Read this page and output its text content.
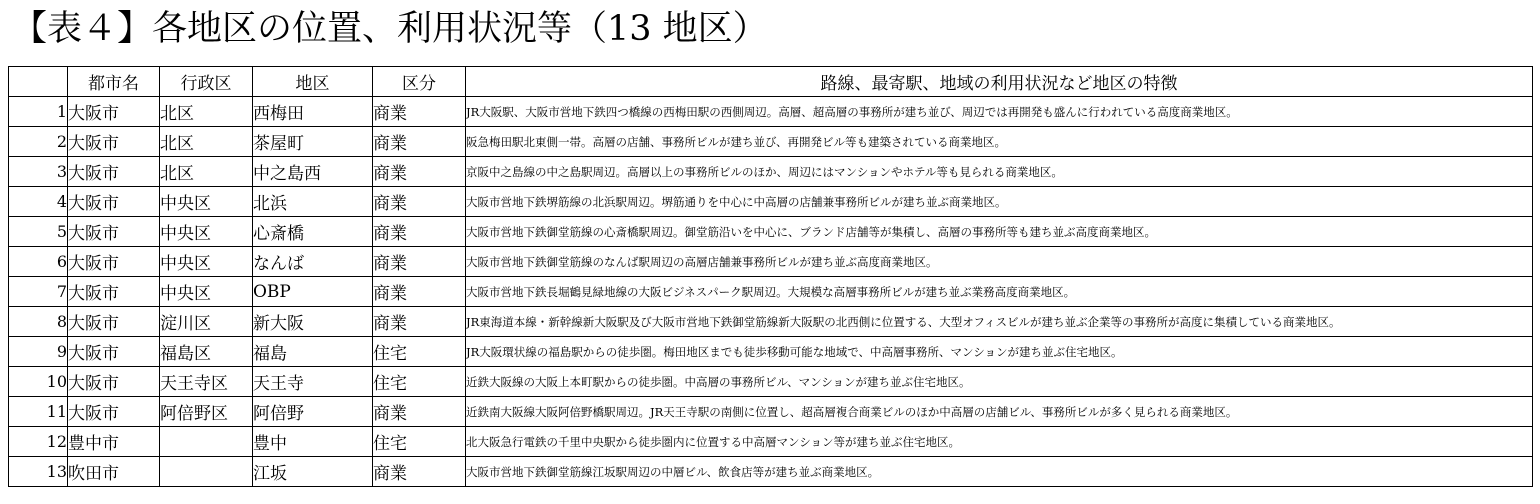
【表４】各地区の位置、利用状況等（13 地区）
	都市名	行政区	地区	区分	路線、最寄駅、地域の利用状況など地区の特徴
1	大阪市	北区	西梅田	商業	JR大阪駅、大阪市営地下鉄四つ橋線の西梅田駅の西側周辺。高層、超高層の事務所が建ち並び、周辺では再開発も盛んに行われている高度商業地区。
2	大阪市	北区	茶屋町	商業	阪急梅田駅北東側一帯。高層の店舗、事務所ビルが建ち並び、再開発ビル等も建築されている商業地区。
3	大阪市	北区	中之島西	商業	京阪中之島線の中之島駅周辺。高層以上の事務所ビルのほか、周辺にはマンションやホテル等も見られる商業地区。
4	大阪市	中央区	北浜	商業	大阪市営地下鉄堺筋線の北浜駅周辺。堺筋通りを中心に中高層の店舗兼事務所ビルが建ち並ぶ商業地区。
5	大阪市	中央区	心斎橋	商業	大阪市営地下鉄御堂筋線の心斎橋駅周辺。御堂筋沿いを中心に、ブランド店舗等が集積し、高層の事務所等も建ち並ぶ高度商業地区。
6	大阪市	中央区	なんば	商業	大阪市営地下鉄御堂筋線のなんば駅周辺の高層店舗兼事務所ビルが建ち並ぶ高度商業地区。
7	大阪市	中央区	OBP	商業	大阪市営地下鉄長堀鶴見緑地線の大阪ビジネスパーク駅周辺。大規模な高層事務所ビルが建ち並ぶ業務高度商業地区。
8	大阪市	淀川区	新大阪	商業	JR東海道本線・新幹線新大阪駅及び大阪市営地下鉄御堂筋線新大阪駅の北西側に位置する、大型オフィスビルが建ち並ぶ企業等の事務所が高度に集積している商業地区。
9	大阪市	福島区	福島	住宅	JR大阪環状線の福島駅からの徒歩圏。梅田地区までも徒歩移動可能な地域で、中高層事務所、マンションが建ち並ぶ住宅地区。
10	大阪市	天王寺区	天王寺	住宅	近鉄大阪線の大阪上本町駅からの徒歩圏。中高層の事務所ビル、マンションが建ち並ぶ住宅地区。
11	大阪市	阿倍野区	阿倍野	商業	近鉄南大阪線大阪阿倍野橋駅周辺。JR天王寺駅の南側に位置し、超高層複合商業ビルのほか中高層の店舗ビル、事務所ビルが多く見られる商業地区。
12	豊中市		豊中	住宅	北大阪急行電鉄の千里中央駅から徒歩圏内に位置する中高層マンション等が建ち並ぶ住宅地区。
13	吹田市		江坂	商業	大阪市営地下鉄御堂筋線江坂駅周辺の中層ビル、飲食店等が建ち並ぶ商業地区。
